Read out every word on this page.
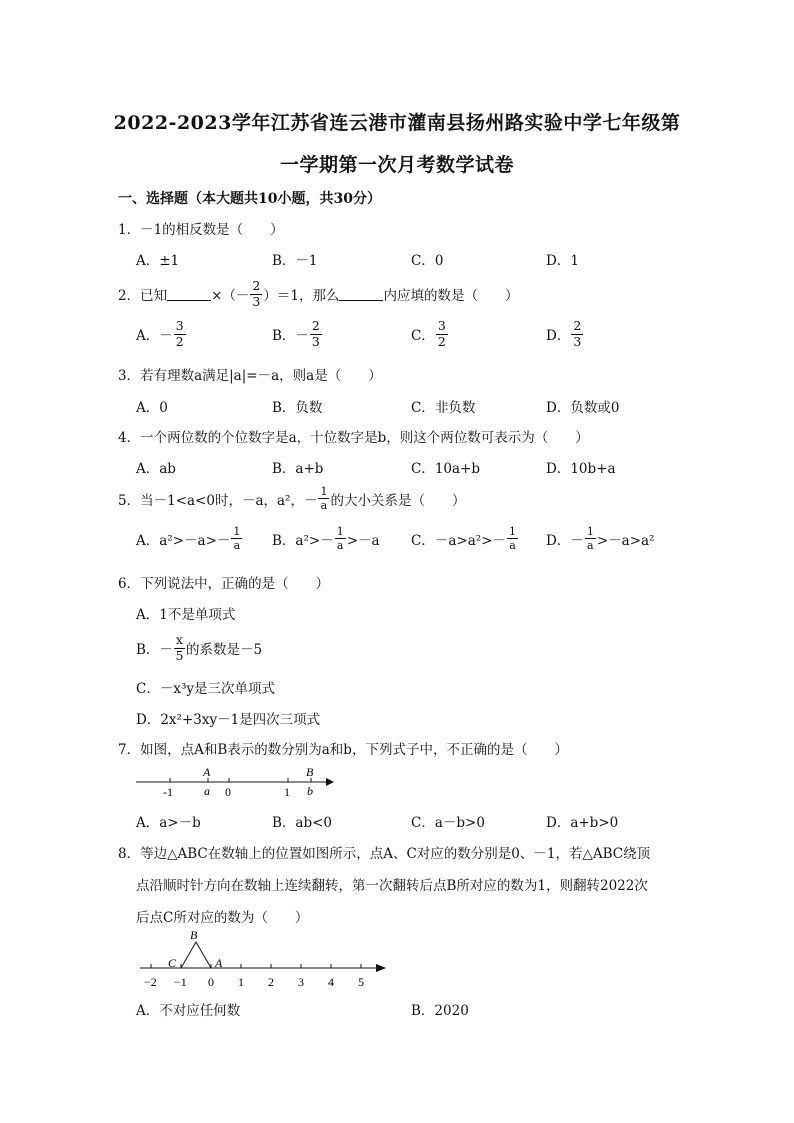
2022-2023学年江苏省连云港市灌南县扬州路实验中学七年级第
一学期第一次月考数学试卷
一、选择题（本大题共10小题，共30分）
1．－1的相反数是（　　）
A．±1	B．－1	C．0	D．1
2．已知	×（－ $\frac{2}{3} )=1$，那么	内应填的数是（　　）
A．－ $\frac{3}{2}$	B．－ $\frac{2}{3}$	C． $\frac{3}{2}$	D． $\frac{2}{3}$
3．若有理数a满足|a|=－a，则a是（　　）
A．0	B．负数	C．非负数	D．负数或0
4．一个两位数的个位数字是a，十位数字是b，则这个两位数可表示为（　　）
A．ab	B．a+b	C．10a+b	D．10b+a
5．当－1<a<0时，－a，a²，－ $\frac{1}{a}$ 的大小关系是（　　）
A．$a^2>-a>- \frac{1}{a}$ B．$a^2>- \frac{1}{a} >-a$ C．$-a>a^2>- \frac{1}{a}$ D．－ $\frac{1}{a} >-a>a^2$
6．下列说法中，正确的是（　　）
A．1不是单项式
B．－ $\frac{x}{5}$ 的系数是－5
C．－x³y是三次单项式
D．2x²+3xy－1是四次三项式
7．如图，点A和B表示的数分别为a和b，下列式子中，不正确的是（　　）
A	B
-1	a 0	1 b
A．a>－b	B．ab<0	C．a－b>0	D．a+b>0
8．等边△ABC在数轴上的位置如图所示，点A、C对应的数分别是0、－1，若△ABC绕顶
点沿顺时针方向在数轴上连续翻转，第一次翻转后点B所对应的数为1，则翻转2022次
后点C所对应的数为（　　）
B
C	A
−2 −1 0 1 2 3 4 5
A．不对应任何数	B．2020
